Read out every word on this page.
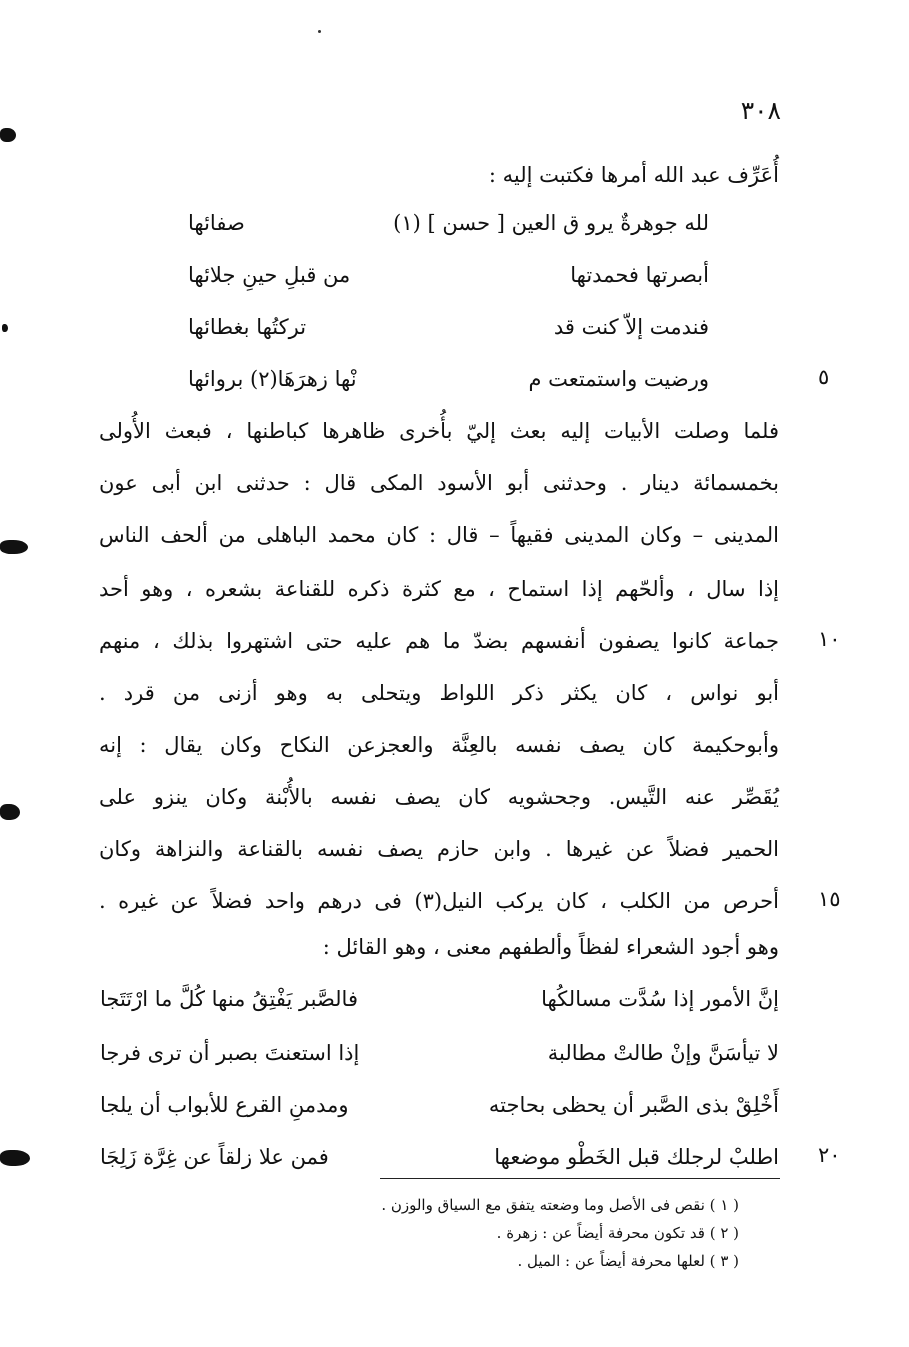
٣٠٨
أُعَرِّف عبد الله أمرها فكتبت إليه :
لله جوهرةٌ يرو ق العين [ حسن ] (١)
صفائها
أبصرتها فحمدتها
من قبلِ حينِ جلائها
فندمت إلاّ كنت قد
تركتُها بغطائها
ورضيت واستمتعت م
نْها زهرَهَا(٢) بروائها	٥
فلما وصلت الأبيات إليه بعث إليّ بأُخرى ظاهرها كباطنها ، فبعث الأُولى
بخمسمائة دينار . وحدثنى أبو الأسود المكى قال : حدثنى ابن أبى عون
المدينى – وكان المدينى فقيهاً – قال : كان محمد الباهلى من ألحف الناس
إذا سال ، وألحّهم إذا استماح ، مع كثرة ذكره للقناعة بشعره ، وهو أحد
جماعة كانوا يصفون أنفسهم بضدّ ما هم عليه حتى اشتهروا بذلك ، منهم ١٠
أبو نواس ، كان يكثر ذكر اللواط ويتحلى به وهو أزنى من قرد .
وأبوحكيمة كان يصف نفسه بالعِنَّة والعجزعن النكاح وكان يقال : إنه
يُقَصِّر عنه التَّيس. وجحشويه كان يصف نفسه بالأُبْنة وكان ينزو على
الحمير فضلاً عن غيرها . وابن حازم يصف نفسه بالقناعة والنزاهة وكان
أحرص من الكلب ، كان يركب النيل(٣) فى درهم واحد فضلاً عن غيره . ١٥
وهو أجود الشعراء لفظاً وألطفهم معنى ، وهو القائل :
إنَّ الأمور إذا سُدَّت مسالكُها
فالصَّبر يَفْتِقُ منها كُلَّ ما ارْتَتَجا
لا تيأسَنَّ وإنْ طالتْ مطالبة
إذا استعنتَ بصبر أن ترى فرجا
أَخْلِقْ بذى الصَّبر أن يحظى بحاجته
ومدمنِ القرع للأبواب أن يلجا
اطلبْ لرجلك قبل الخَطْو موضعها
فمن علا زلقاً عن غِرَّة زَلِجَا	٢٠
( ١ ) نقص فى الأصل وما وضعته يتفق مع السياق والوزن .
( ٢ ) قد تكون محرفة أيضاً عن : زهرة .
( ٣ ) لعلها محرفة أيضاً عن : الميل .
